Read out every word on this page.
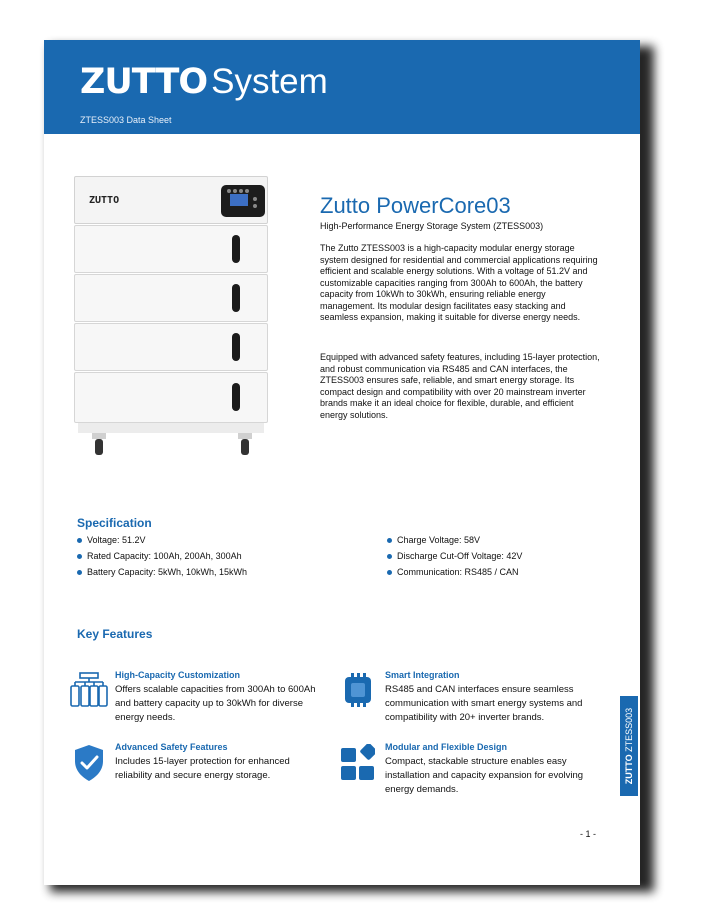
ZUTTO System
ZTESS003 Data Sheet
ZUTTO	Zutto PowerCore03
High-Performance Energy Storage System (ZTESS003)

The Zutto ZTESS003 is a high-capacity modular energy storage system designed for residential and commercial applications requiring efficient and scalable energy solutions. With a voltage of 51.2V and customizable capacities ranging from 300Ah to 600Ah, the battery capacity from 10kWh to 30kWh, ensuring reliable energy management. Its modular design facilitates easy stacking and seamless expansion, making it suitable for diverse energy needs.

Equipped with advanced safety features, including 15-layer protection, and robust communication via RS485 and CAN interfaces, the ZTESS003 ensures safe, reliable, and smart energy storage. Its compact design and compatibility with over 20 mainstream inverter brands make it an ideal choice for flexible, durable, and efficient energy solutions.

Specification
Voltage: 51.2V
Rated Capacity: 100Ah, 200Ah, 300Ah
Battery Capacity: 5kWh, 10kWh, 15kWh
Charge Voltage: 58V
Discharge Cut-Off Voltage: 42V
Communication: RS485 / CAN
Key Features
High-Capacity Customization

Offers scalable capacities from 300Ah to 600Ah and battery capacity up to 30kWh for diverse energy needs.

Smart Integration

RS485 and CAN interfaces ensure seamless communication with smart energy systems and compatibility with 20+ inverter brands.

Advanced Safety Features

Includes 15-layer protection for enhanced reliability and secure energy storage.

Modular and Flexible Design

Compact, stackable structure enables easy installation and capacity expansion for evolving energy demands.

- 1 -
ZUTTO ZTESS003
